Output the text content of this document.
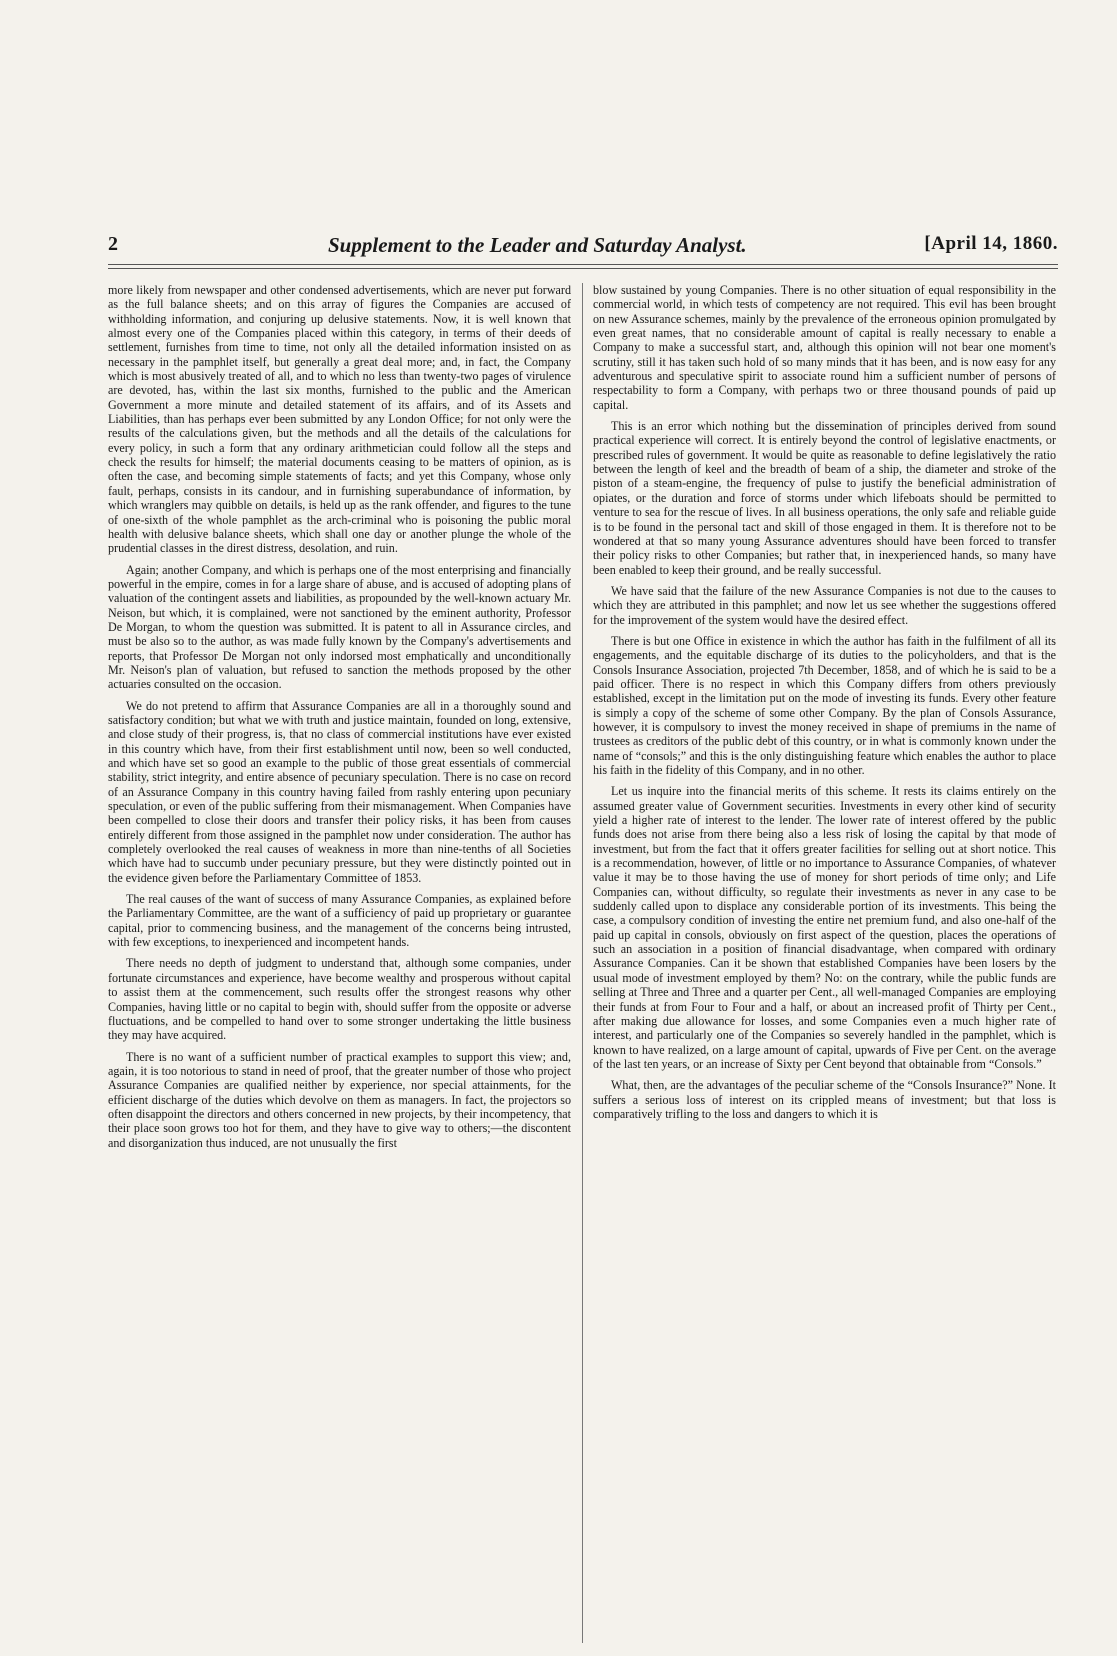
2	Supplement to the Leader and Saturday Analyst.	[April 14, 1860.

more likely from newspaper and other condensed advertisements, which are never put forward as the full balance sheets; and on this array of figures the Companies are accused of withholding information, and conjuring up delusive statements. Now, it is well known that almost every one of the Companies placed within this category, in terms of their deeds of settlement, furnishes from time to time, not only all the detailed information insisted on as necessary in the pamphlet itself, but generally a great deal more; and, in fact, the Company which is most abusively treated of all, and to which no less than twenty-two pages of virulence are devoted, has, within the last six months, furnished to the public and the American Government a more minute and detailed statement of its affairs, and of its Assets and Liabilities, than has perhaps ever been submitted by any London Office; for not only were the results of the calculations given, but the methods and all the details of the calculations for every policy, in such a form that any ordinary arithmetician could follow all the steps and check the results for himself; the material documents ceasing to be matters of opinion, as is often the case, and becoming simple statements of facts; and yet this Company, whose only fault, perhaps, consists in its candour, and in furnishing superabundance of information, by which wranglers may quibble on details, is held up as the rank offender, and figures to the tune of one-sixth of the whole pamphlet as the arch-criminal who is poisoning the public moral health with delusive balance sheets, which shall one day or another plunge the whole of the prudential classes in the direst distress, desolation, and ruin.

Again; another Company, and which is perhaps one of the most enterprising and financially powerful in the empire, comes in for a large share of abuse, and is accused of adopting plans of valuation of the contingent assets and liabilities, as propounded by the well-known actuary Mr. Neison, but which, it is complained, were not sanctioned by the eminent authority, Professor De Morgan, to whom the question was submitted. It is patent to all in Assurance circles, and must be also so to the author, as was made fully known by the Company's advertisements and reports, that Professor De Morgan not only indorsed most emphatically and unconditionally Mr. Neison's plan of valuation, but refused to sanction the methods proposed by the other actuaries consulted on the occasion.

We do not pretend to affirm that Assurance Companies are all in a thoroughly sound and satisfactory condition; but what we with truth and justice maintain, founded on long, extensive, and close study of their progress, is, that no class of commercial institutions have ever existed in this country which have, from their first establishment until now, been so well conducted, and which have set so good an example to the public of those great essentials of commercial stability, strict integrity, and entire absence of pecuniary speculation. There is no case on record of an Assurance Company in this country having failed from rashly entering upon pecuniary speculation, or even of the public suffering from their mismanagement. When Companies have been compelled to close their doors and transfer their policy risks, it has been from causes entirely different from those assigned in the pamphlet now under consideration. The author has completely overlooked the real causes of weakness in more than nine-tenths of all Societies which have had to succumb under pecuniary pressure, but they were distinctly pointed out in the evidence given before the Parliamentary Committee of 1853.

The real causes of the want of success of many Assurance Companies, as explained before the Parliamentary Committee, are the want of a sufficiency of paid up proprietary or guarantee capital, prior to commencing business, and the management of the concerns being intrusted, with few exceptions, to inexperienced and incompetent hands.

There needs no depth of judgment to understand that, although some companies, under fortunate circumstances and experience, have become wealthy and prosperous without capital to assist them at the commencement, such results offer the strongest reasons why other Companies, having little or no capital to begin with, should suffer from the opposite or adverse fluctuations, and be compelled to hand over to some stronger undertaking the little business they may have acquired.

There is no want of a sufficient number of practical examples to support this view; and, again, it is too notorious to stand in need of proof, that the greater number of those who project Assurance Companies are qualified neither by experience, nor special attainments, for the efficient discharge of the duties which devolve on them as managers. In fact, the projectors so often disappoint the directors and others concerned in new projects, by their incompetency, that their place soon grows too hot for them, and they have to give way to others;—the discontent and disorganization thus induced, are not unusually the first

blow sustained by young Companies. There is no other situation of equal responsibility in the commercial world, in which tests of competency are not required. This evil has been brought on new Assurance schemes, mainly by the prevalence of the erroneous opinion promulgated by even great names, that no considerable amount of capital is really necessary to enable a Company to make a successful start, and, although this opinion will not bear one moment's scrutiny, still it has taken such hold of so many minds that it has been, and is now easy for any adventurous and speculative spirit to associate round him a sufficient number of persons of respectability to form a Company, with perhaps two or three thousand pounds of paid up capital.

This is an error which nothing but the dissemination of principles derived from sound practical experience will correct. It is entirely beyond the control of legislative enactments, or prescribed rules of government. It would be quite as reasonable to define legislatively the ratio between the length of keel and the breadth of beam of a ship, the diameter and stroke of the piston of a steam-engine, the frequency of pulse to justify the beneficial administration of opiates, or the duration and force of storms under which lifeboats should be permitted to venture to sea for the rescue of lives. In all business operations, the only safe and reliable guide is to be found in the personal tact and skill of those engaged in them. It is therefore not to be wondered at that so many young Assurance adventures should have been forced to transfer their policy risks to other Companies; but rather that, in inexperienced hands, so many have been enabled to keep their ground, and be really successful.

We have said that the failure of the new Assurance Companies is not due to the causes to which they are attributed in this pamphlet; and now let us see whether the suggestions offered for the improvement of the system would have the desired effect.

There is but one Office in existence in which the author has faith in the fulfilment of all its engagements, and the equitable discharge of its duties to the policyholders, and that is the Consols Insurance Association, projected 7th December, 1858, and of which he is said to be a paid officer. There is no respect in which this Company differs from others previously established, except in the limitation put on the mode of investing its funds. Every other feature is simply a copy of the scheme of some other Company. By the plan of Consols Assurance, however, it is compulsory to invest the money received in shape of premiums in the name of trustees as creditors of the public debt of this country, or in what is commonly known under the name of “consols;” and this is the only distinguishing feature which enables the author to place his faith in the fidelity of this Company, and in no other.

Let us inquire into the financial merits of this scheme. It rests its claims entirely on the assumed greater value of Government securities. Investments in every other kind of security yield a higher rate of interest to the lender. The lower rate of interest offered by the public funds does not arise from there being also a less risk of losing the capital by that mode of investment, but from the fact that it offers greater facilities for selling out at short notice. This is a recommendation, however, of little or no importance to Assurance Companies, of whatever value it may be to those having the use of money for short periods of time only; and Life Companies can, without difficulty, so regulate their investments as never in any case to be suddenly called upon to displace any considerable portion of its investments. This being the case, a compulsory condition of investing the entire net premium fund, and also one-half of the paid up capital in consols, obviously on first aspect of the question, places the operations of such an association in a position of financial disadvantage, when compared with ordinary Assurance Companies. Can it be shown that established Companies have been losers by the usual mode of investment employed by them? No: on the contrary, while the public funds are selling at Three and Three and a quarter per Cent., all well-managed Companies are employing their funds at from Four to Four and a half, or about an increased profit of Thirty per Cent., after making due allowance for losses, and some Companies even a much higher rate of interest, and particularly one of the Companies so severely handled in the pamphlet, which is known to have realized, on a large amount of capital, upwards of Five per Cent. on the average of the last ten years, or an increase of Sixty per Cent beyond that obtainable from “Consols.”

What, then, are the advantages of the peculiar scheme of the “Consols Insurance?” None. It suffers a serious loss of interest on its crippled means of investment; but that loss is comparatively trifling to the loss and dangers to which it is
